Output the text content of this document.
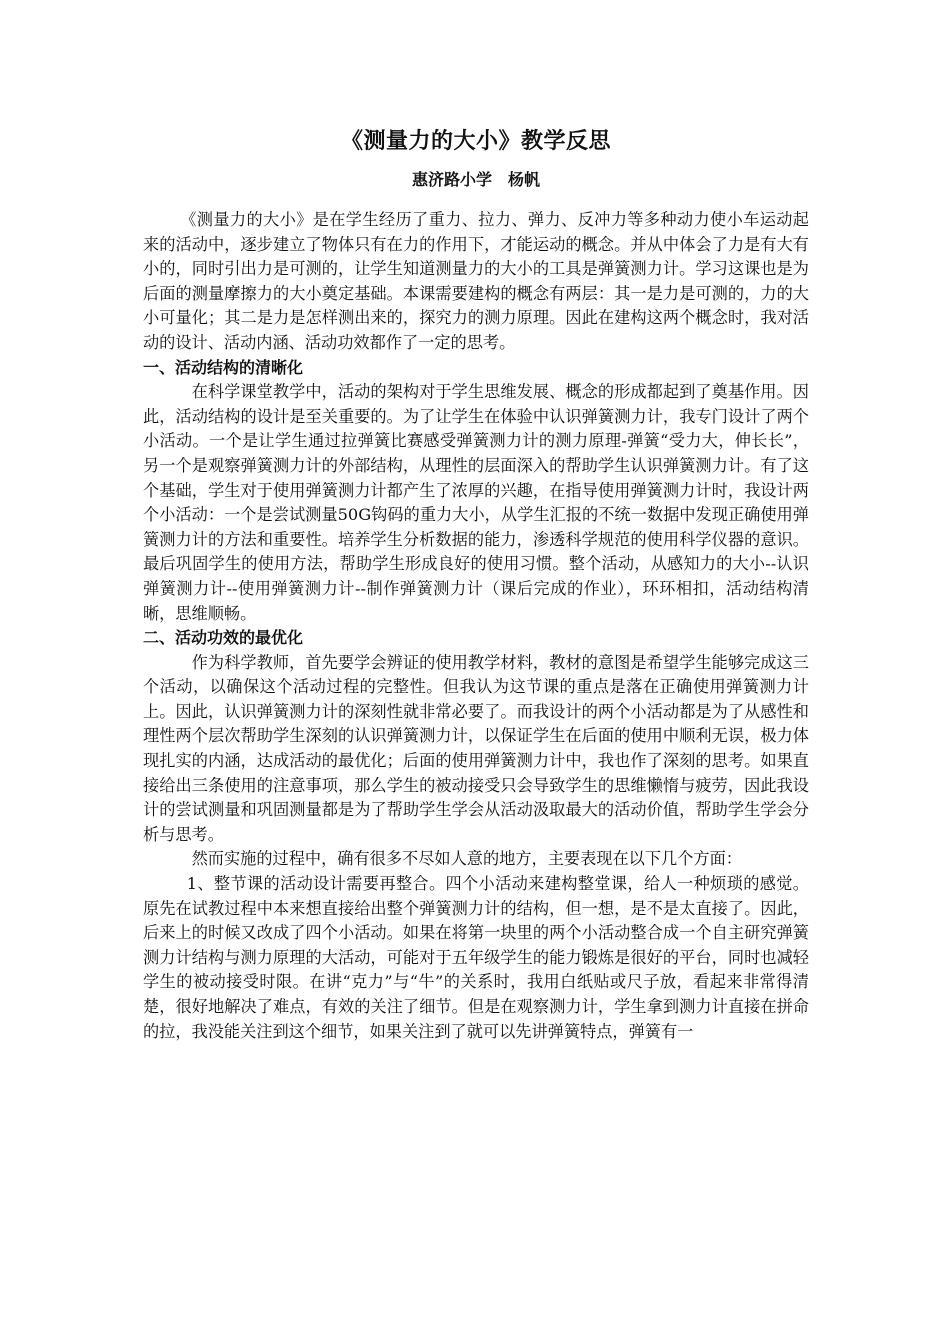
《测量力的大小》教学反思
惠济路小学　杨帆

《测量力的大小》是在学生经历了重力、拉力、弹力、反冲力等多种动力使小车运动起来的活动中，逐步建立了物体只有在力的作用下，才能运动的概念。并从中体会了力是有大有小的，同时引出力是可测的，让学生知道测量力的大小的工具是弹簧测力计。学习这课也是为后面的测量摩擦力的大小奠定基础。本课需要建构的概念有两层：其一是力是可测的，力的大小可量化；其二是力是怎样测出来的，探究力的测力原理。因此在建构这两个概念时，我对活动的设计、活动内涵、活动功效都作了一定的思考。

一、活动结构的清晰化

在科学课堂教学中，活动的架构对于学生思维发展、概念的形成都起到了奠基作用。因此，活动结构的设计是至关重要的。为了让学生在体验中认识弹簧测力计，我专门设计了两个小活动。一个是让学生通过拉弹簧比赛感受弹簧测力计的测力原理-弹簧“受力大，伸长长”， 另一个是观察弹簧测力计的外部结构，从理性的层面深入的帮助学生认识弹簧测力计。有了这个基础，学生对于使用弹簧测力计都产生了浓厚的兴趣，在指导使用弹簧测力计时，我设计两个小活动：一个是尝试测量50G钩码的重力大小，从学生汇报的不统一数据中发现正确使用弹簧测力计的方法和重要性。培养学生分析数据的能力，渗透科学规范的使用科学仪器的意识。最后巩固学生的使用方法，帮助学生形成良好的使用习惯。整个活动，从感知力的大小--认识弹簧测力计--使用弹簧测力计--制作弹簧测力计（课后完成的作业），环环相扣，活动结构清晰，思维顺畅。

二、活动功效的最优化

作为科学教师，首先要学会辨证的使用教学材料，教材的意图是希望学生能够完成这三个活动，以确保这个活动过程的完整性。但我认为这节课的重点是落在正确使用弹簧测力计上。因此，认识弹簧测力计的深刻性就非常必要了。而我设计的两个小活动都是为了从感性和理性两个层次帮助学生深刻的认识弹簧测力计，以保证学生在后面的使用中顺利无误，极力体现扎实的内涵，达成活动的最优化；后面的使用弹簧测力计中，我也作了深刻的思考。如果直接给出三条使用的注意事项，那么学生的被动接受只会导致学生的思维懒惰与疲劳，因此我设计的尝试测量和巩固测量都是为了帮助学生学会从活动汲取最大的活动价值，帮助学生学会分析与思考。

然而实施的过程中，确有很多不尽如人意的地方，主要表现在以下几个方面：

1、整节课的活动设计需要再整合。四个小活动来建构整堂课，给人一种烦琐的感觉。原先在试教过程中本来想直接给出整个弹簧测力计的结构，但一想，是不是太直接了。因此，后来上的时候又改成了四个小活动。如果在将第一块里的两个小活动整合成一个自主研究弹簧测力计结构与测力原理的大活动，可能对于五年级学生的能力锻炼是很好的平台，同时也减轻学生的被动接受时限。在讲“克力”与“牛”的关系时，我用白纸贴或尺子放，看起来非常得清楚，很好地解决了难点，有效的关注了细节。但是在观察测力计，学生拿到测力计直接在拼命的拉，我没能关注到这个细节，如果关注到了就可以先讲弹簧特点，弹簧有一
